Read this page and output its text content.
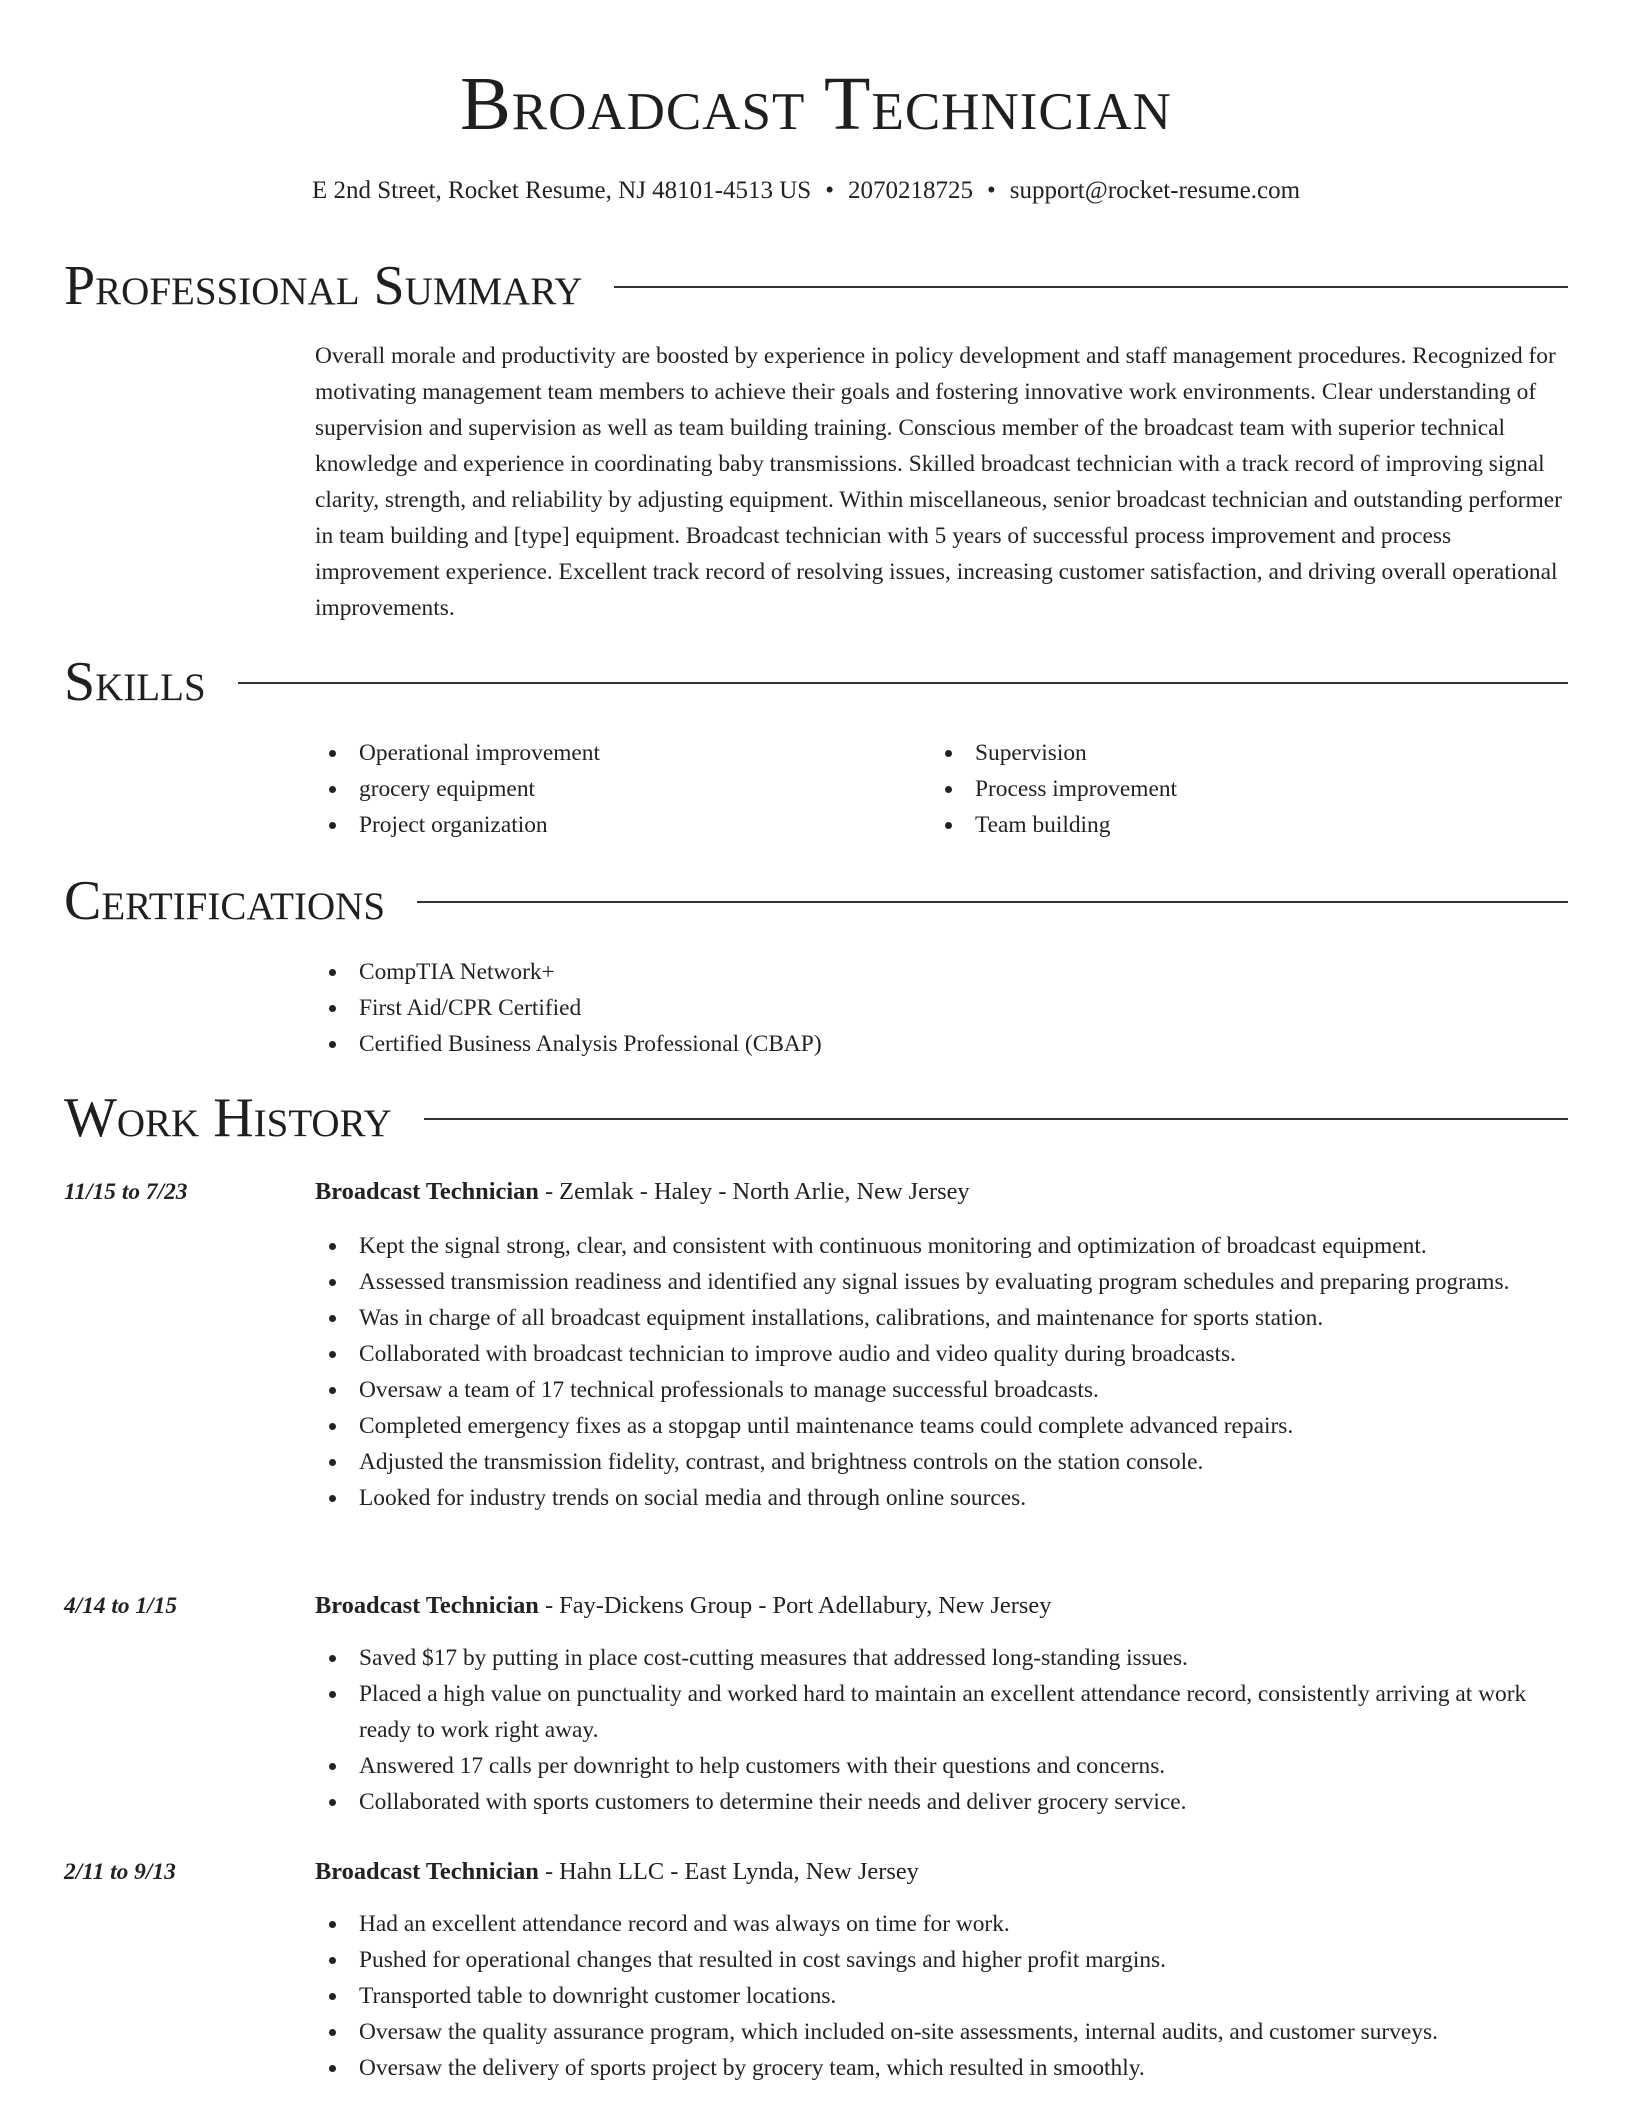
Broadcast Technician
E 2nd Street, Rocket Resume, NJ 48101-4513 US • 2070218725 • support@rocket-resume.com
Professional Summary

Overall morale and productivity are boosted by experience in policy development and staff management procedures. Recognized for motivating management team members to achieve their goals and fostering innovative work environments. Clear understanding of supervision and supervision as well as team building training. Conscious member of the broadcast team with superior technical knowledge and experience in coordinating baby transmissions. Skilled broadcast technician with a track record of improving signal clarity, strength, and reliability by adjusting equipment. Within miscellaneous, senior broadcast technician and outstanding performer in team building and [type] equipment. Broadcast technician with 5 years of successful process improvement and process improvement experience. Excellent track record of resolving issues, increasing customer satisfaction, and driving overall operational improvements.

Skills
Operational improvement
grocery equipment
Project organization
Supervision
Process improvement
Team building
Certifications
CompTIA Network+
First Aid/CPR Certified
Certified Business Analysis Professional (CBAP)
Work History

11/15 to 7/23	Broadcast Technician - Zemlak - Haley - North Arlie, New Jersey

Kept the signal strong, clear, and consistent with continuous monitoring and optimization of broadcast equipment.
Assessed transmission readiness and identified any signal issues by evaluating program schedules and preparing programs.
Was in charge of all broadcast equipment installations, calibrations, and maintenance for sports station.
Collaborated with broadcast technician to improve audio and video quality during broadcasts.
Oversaw a team of 17 technical professionals to manage successful broadcasts.
Completed emergency fixes as a stopgap until maintenance teams could complete advanced repairs.
Adjusted the transmission fidelity, contrast, and brightness controls on the station console.
Looked for industry trends on social media and through online sources.

4/14 to 1/15	Broadcast Technician - Fay-Dickens Group - Port Adellabury, New Jersey

Saved $17 by putting in place cost-cutting measures that addressed long-standing issues.
Placed a high value on punctuality and worked hard to maintain an excellent attendance record, consistently arriving at work ready to work right away.
Answered 17 calls per downright to help customers with their questions and concerns.
Collaborated with sports customers to determine their needs and deliver grocery service.

2/11 to 9/13	Broadcast Technician - Hahn LLC - East Lynda, New Jersey

Had an excellent attendance record and was always on time for work.
Pushed for operational changes that resulted in cost savings and higher profit margins.
Transported table to downright customer locations.
Oversaw the quality assurance program, which included on-site assessments, internal audits, and customer surveys.
Oversaw the delivery of sports project by grocery team, which resulted in smoothly.
